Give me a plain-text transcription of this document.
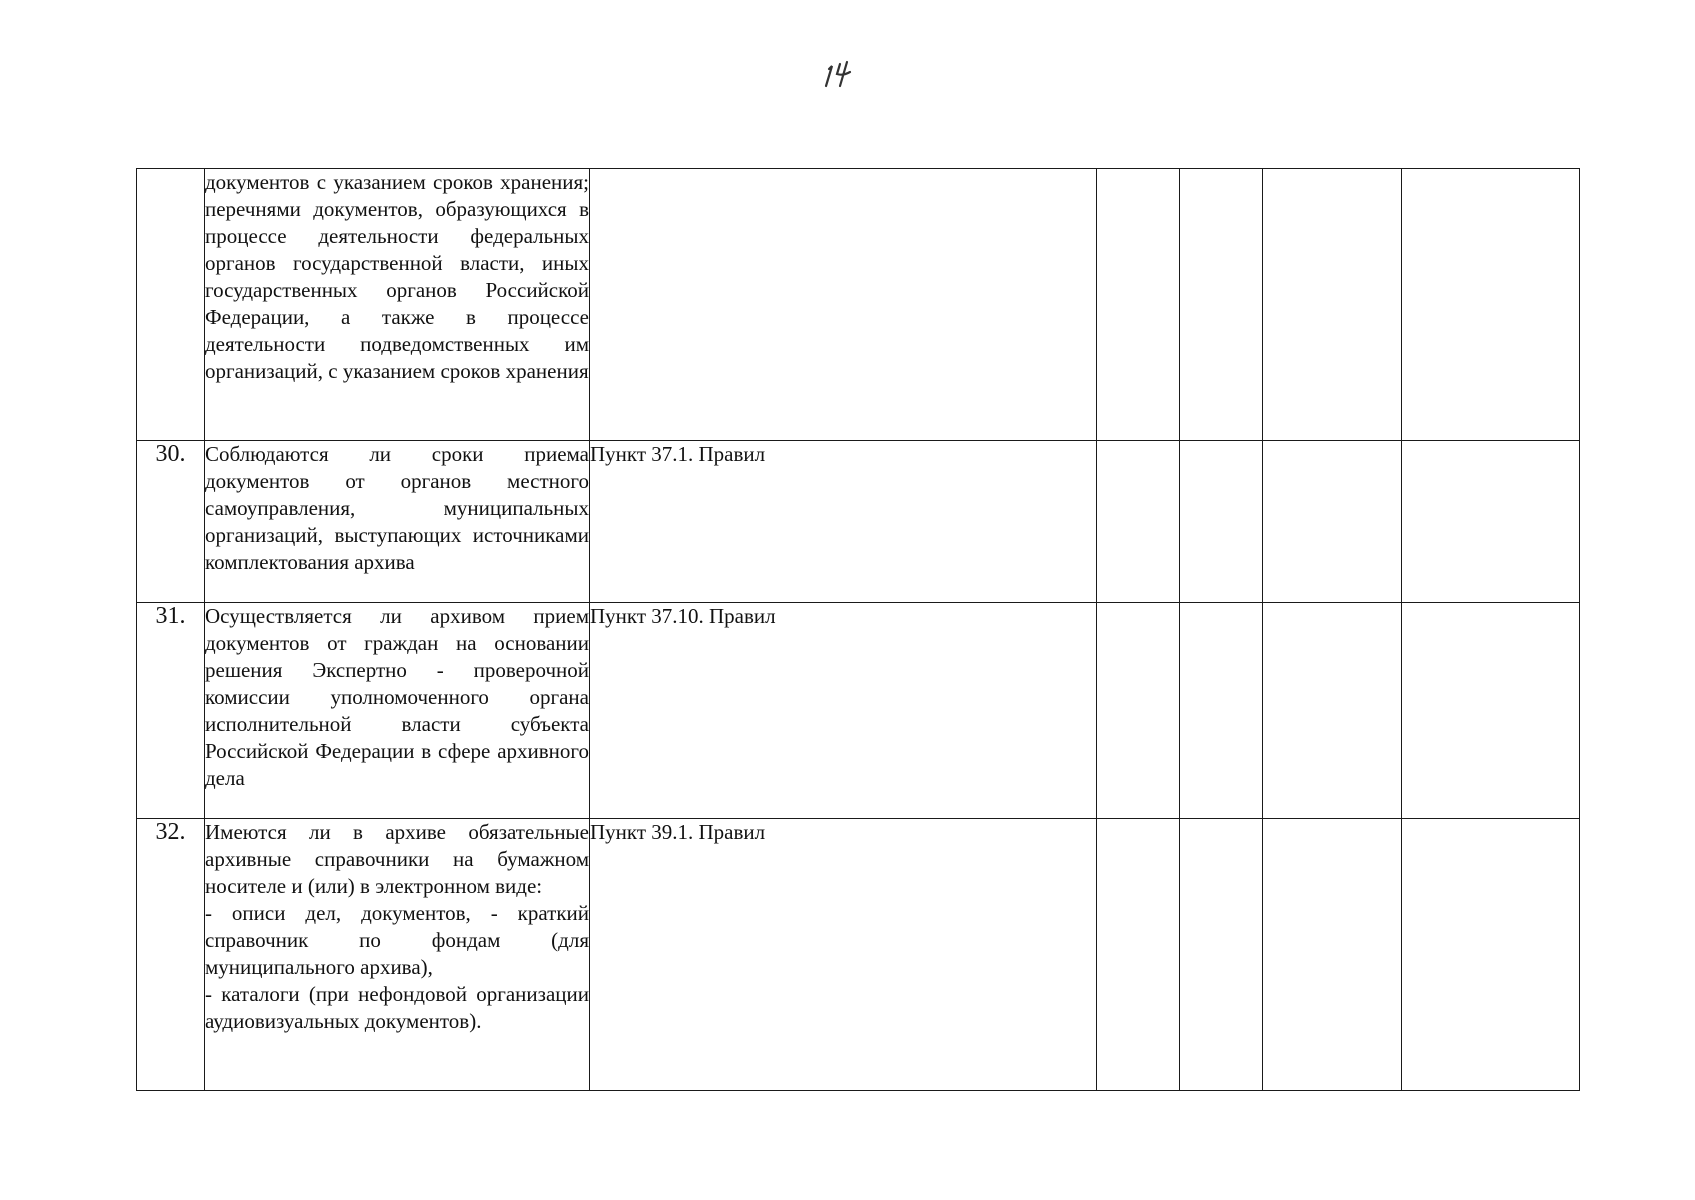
	документов с указанием сроков хранения; перечнями документов, образующихся в процессе деятельности федеральных органов государственной власти, иных государственных органов Российской Федерации, а также в процессе деятельности подведомственных им организаций, с указанием сроков хранения					
30.	Соблюдаются ли сроки приема документов от органов местного самоуправления, муниципальных организаций, выступающих источниками комплектования архива	Пункт 37.1. Правил				
31.	Осуществляется ли архивом прием документов от граждан на основании решения Экспертно - проверочной комиссии уполномоченного органа исполнительной власти субъекта Российской Федерации в сфере архивного дела	Пункт 37.10. Правил				
32.	Имеются ли в архиве обязательные архивные справочники на бумажном носителе и (или) в электронном виде:

- описи дел, документов, - краткий справочник по фондам (для муниципального архива),

- каталоги (при нефондовой организации аудиовизуальных документов).	Пункт 39.1. Правил				
